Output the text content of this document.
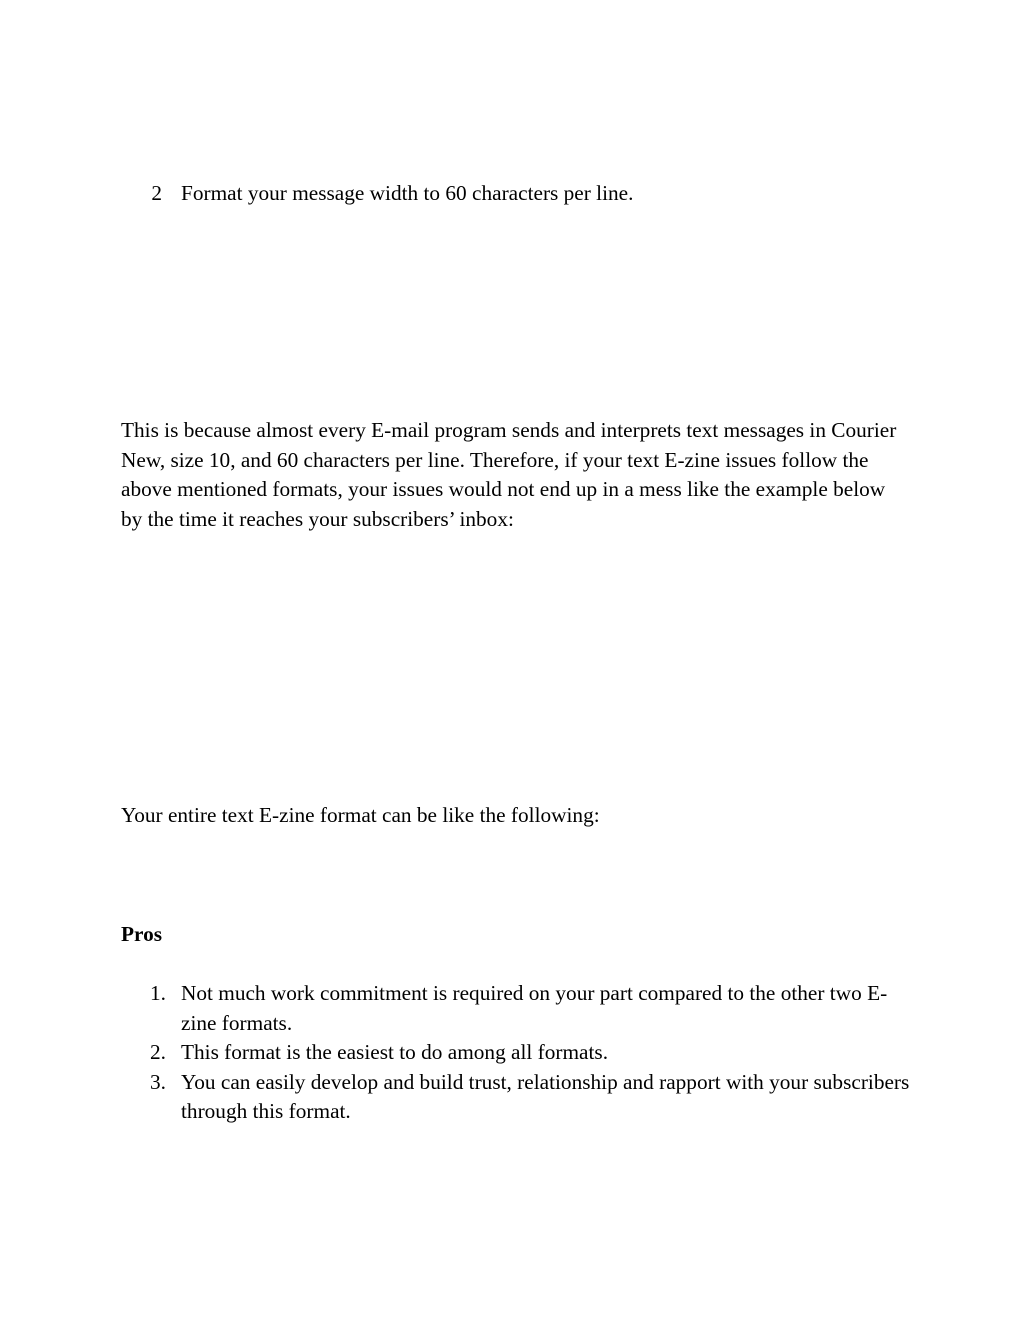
2 Format your message width to 60 characters per line.

This is because almost every E-mail program sends and interprets text messages in Courier New, size 10, and 60 characters per line. Therefore, if your text E-zine issues follow the above mentioned formats, your issues would not end up in a mess like the example below by the time it reaches your subscribers’ inbox:

Your entire text E-zine format can be like the following:

Pros

1. Not much work commitment is required on your part compared to the other two E-zine formats.
2. This format is the easiest to do among all formats.
3. You can easily develop and build trust, relationship and rapport with your subscribers through this format.
